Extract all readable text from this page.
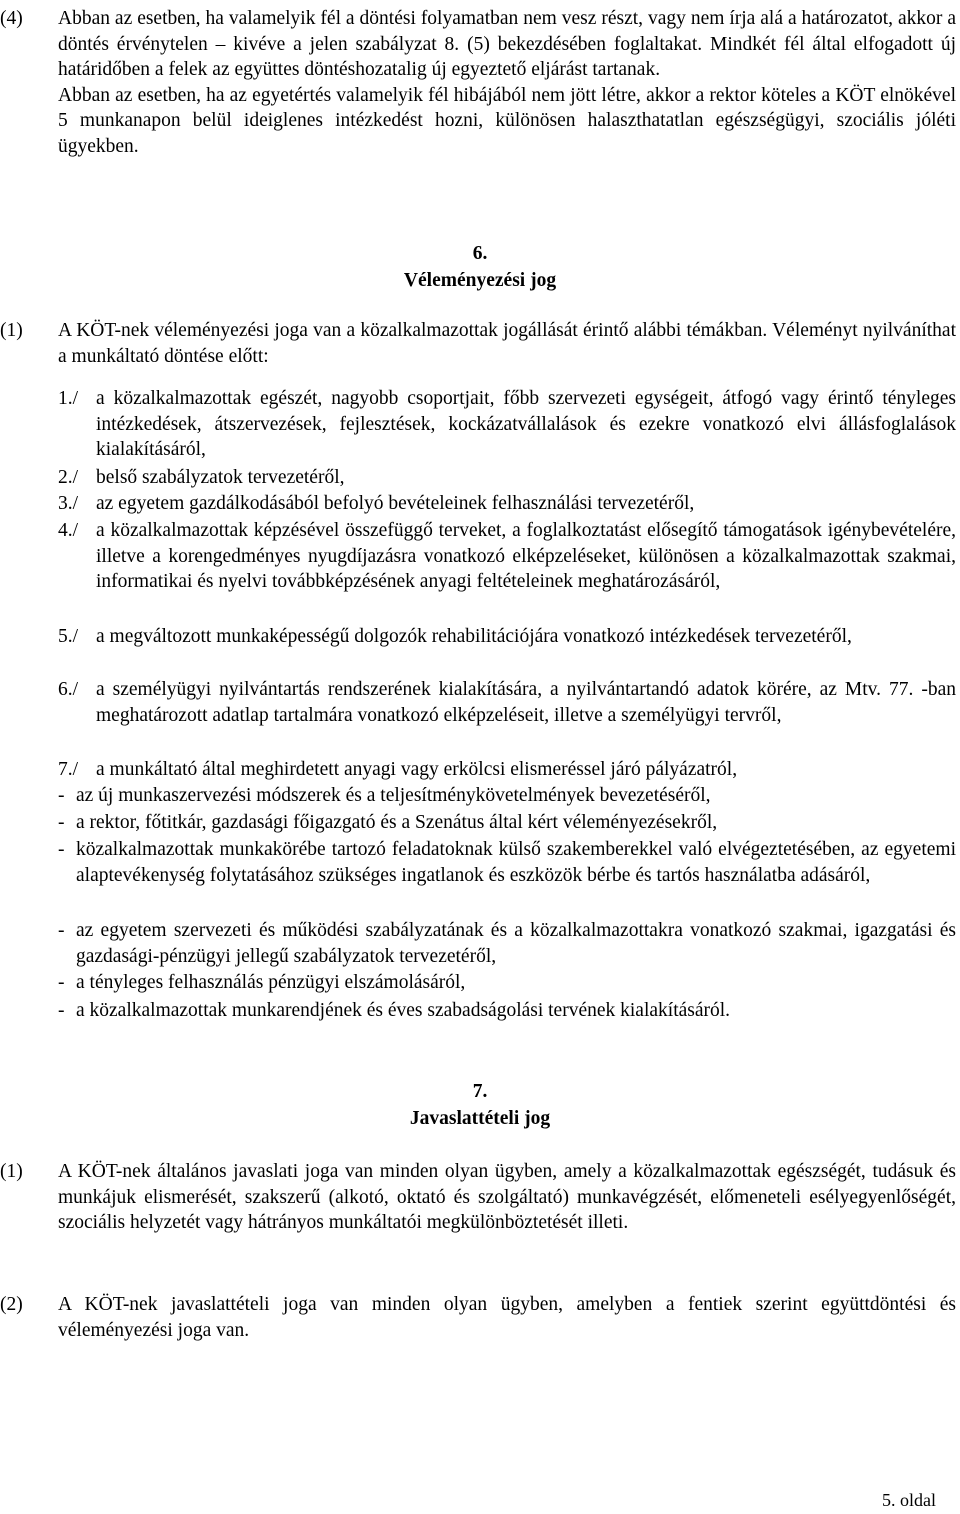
(4)	Abban az esetben, ha valamelyik fél a döntési folyamatban nem vesz részt, vagy nem írja alá a határozatot, akkor a döntés érvénytelen – kivéve a jelen szabályzat 8. (5) bekezdésében foglaltakat. Mindkét fél által elfogadott új határidőben a felek az együttes döntéshozatalig új egyeztető eljárást tartanak.
Abban az esetben, ha az egyetértés valamelyik fél hibájából nem jött létre, akkor a rektor köteles a KÖT elnökével 5 munkanapon belül ideiglenes intézkedést hozni, különösen halaszthatatlan egészségügyi, szociális jóléti ügyekben.
6.
Véleményezési jog
(1)	A KÖT-nek véleményezési joga van a közalkalmazottak jogállását érintő alábbi témákban. Véleményt nyilváníthat a munkáltató döntése előtt:
1./ a közalkalmazottak egészét, nagyobb csoportjait, főbb szervezeti egységeit, átfogó vagy érintő tényleges intézkedések, átszervezések, fejlesztések, kockázatvállalások és ezekre vonatkozó elvi állásfoglalások kialakításáról,
2./ belső szabályzatok tervezetéről,
3./ az egyetem gazdálkodásából befolyó bevételeinek felhasználási tervezetéről,
4./ a közalkalmazottak képzésével összefüggő terveket, a foglalkoztatást elősegítő támogatások igénybevételére, illetve a korengedményes nyugdíjazásra vonatkozó elképzeléseket, különösen a közalkalmazottak szakmai, informatikai és nyelvi továbbképzésének anyagi feltételeinek meghatározásáról,
5./ a megváltozott munkaképességű dolgozók rehabilitációjára vonatkozó intézkedések tervezetéről,
6./ a személyügyi nyilvántartás rendszerének kialakítására, a nyilvántartandó adatok körére, az Mtv. 77. -ban meghatározott adatlap tartalmára vonatkozó elképzeléseit, illetve a személyügyi tervről,
7./ a munkáltató által meghirdetett anyagi vagy erkölcsi elismeréssel járó pályázatról,
- az új munkaszervezési módszerek és a teljesítménykövetelmények bevezetéséről,
- a rektor, főtitkár, gazdasági főigazgató és a Szenátus által kért véleményezésekről,
- közalkalmazottak munkakörébe tartozó feladatoknak külső szakemberekkel való elvégeztetésében, az egyetemi alaptevékenység folytatásához szükséges ingatlanok és eszközök bérbe és tartós használatba adásáról,
- az egyetem szervezeti és működési szabályzatának és a közalkalmazottakra vonatkozó szakmai, igazgatási és gazdasági-pénzügyi jellegű szabályzatok tervezetéről,
- a tényleges felhasználás pénzügyi elszámolásáról,
- a közalkalmazottak munkarendjének és éves szabadságolási tervének kialakításáról.
7.
Javaslattételi jog
(1)	A KÖT-nek általános javaslati joga van minden olyan ügyben, amely a közalkalmazottak egészségét, tudásuk és munkájuk elismerését, szakszerű (alkotó, oktató és szolgáltató) munkavégzését, előmeneteli esélyegyenlőségét, szociális helyzetét vagy hátrányos munkáltatói megkülönböztetését illeti.
(2)	A KÖT-nek javaslattételi joga van minden olyan ügyben, amelyben a fentiek szerint együttdöntési és véleményezési joga van.
5. oldal
